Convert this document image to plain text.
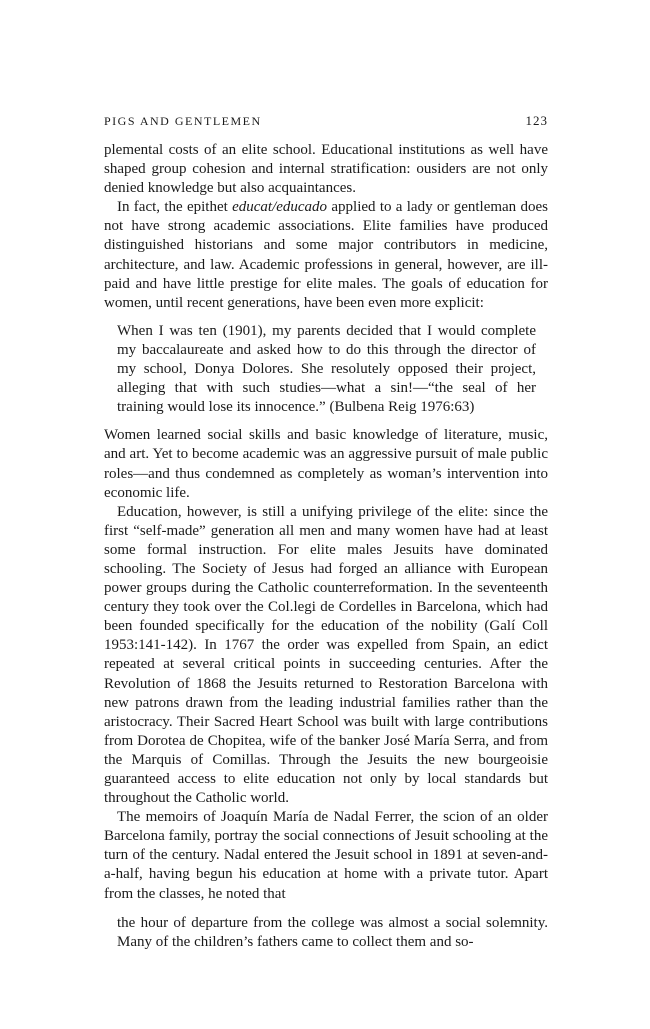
PIGS AND GENTLEMEN	123

plemental costs of an elite school. Educational institutions as well have shaped group cohesion and internal stratification: ousiders are not only denied knowledge but also acquaintances.

In fact, the epithet educat/educado applied to a lady or gentleman does not have strong academic associations. Elite families have produced distinguished historians and some major contributors in medicine, architecture, and law. Academic professions in general, however, are ill-paid and have little prestige for elite males. The goals of education for women, until recent generations, have been even more explicit:

When I was ten (1901), my parents decided that I would complete my baccalaureate and asked how to do this through the director of my school, Donya Dolores. She resolutely opposed their project, alleging that with such studies—what a sin!—“the seal of her training would lose its innocence.” (Bulbena Reig 1976:63)

Women learned social skills and basic knowledge of literature, music, and art. Yet to become academic was an aggressive pursuit of male public roles—and thus condemned as completely as woman’s intervention into economic life.

Education, however, is still a unifying privilege of the elite: since the first “self-made” generation all men and many women have had at least some formal instruction. For elite males Jesuits have dominated schooling. The Society of Jesus had forged an alliance with European power groups during the Catholic counterreformation. In the seventeenth century they took over the Col.legi de Cordelles in Barcelona, which had been founded specifically for the education of the nobility (Galí Coll 1953:141-142). In 1767 the order was expelled from Spain, an edict repeated at several critical points in succeeding centuries. After the Revolution of 1868 the Jesuits returned to Restoration Barcelona with new patrons drawn from the leading industrial families rather than the aristocracy. Their Sacred Heart School was built with large contributions from Dorotea de Chopitea, wife of the banker José María Serra, and from the Marquis of Comillas. Through the Jesuits the new bourgeoisie guaranteed access to elite education not only by local standards but throughout the Catholic world.

The memoirs of Joaquín María de Nadal Ferrer, the scion of an older Barcelona family, portray the social connections of Jesuit schooling at the turn of the century. Nadal entered the Jesuit school in 1891 at seven-and-a-half, having begun his education at home with a private tutor. Apart from the classes, he noted that

the hour of departure from the college was almost a social solemnity. Many of the children’s fathers came to collect them and so-
